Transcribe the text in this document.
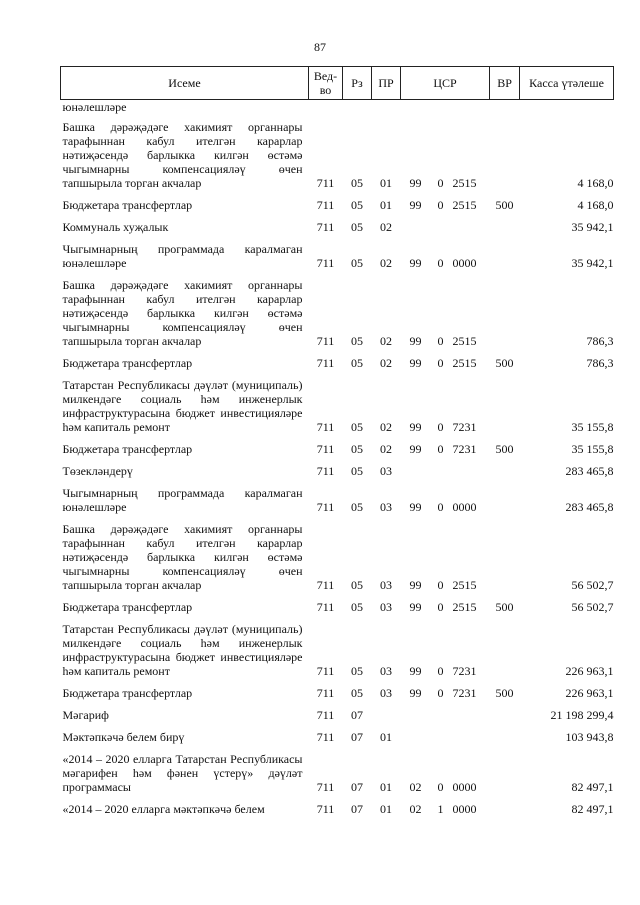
87
Исеме	Вед-во	Рз	ПР	ЦСР			ВР	Касса үтәлеше
юнәлешләре								
Башка дәрәҗәдәге хакимият органнары тарафыннан кабул ителгән карарлар нәтиҗәсендә барлыкка килгән өстәмә чыгымнарны компенсацияләү өчен тапшырыла торган акчалар	711	05	01	99	0	2515		4 168,0
Бюджетара трансфертлар	711	05	01	99	0	2515	500	4 168,0
Коммуналь хуҗалык	711	05	02					35 942,1
Чыгымнарның программада каралмаган юнәлешләре	711	05	02	99	0	0000		35 942,1
Башка дәрәҗәдәге хакимият органнары тарафыннан кабул ителгән карарлар нәтиҗәсендә барлыкка килгән өстәмә чыгымнарны компенсацияләү өчен тапшырыла торган акчалар	711	05	02	99	0	2515		786,3
Бюджетара трансфертлар	711	05	02	99	0	2515	500	786,3
Татарстан Республикасы дәүләт (муниципаль) милкендәге социаль һәм инженерлык инфраструктурасына бюджет инвестицияләре һәм капиталь ремонт	711	05	02	99	0	7231		35 155,8
Бюджетара трансфертлар	711	05	02	99	0	7231	500	35 155,8
Төзекләндерү	711	05	03					283 465,8
Чыгымнарның программада каралмаган юнәлешләре	711	05	03	99	0	0000		283 465,8
Башка дәрәҗәдәге хакимият органнары тарафыннан кабул ителгән карарлар нәтиҗәсендә барлыкка килгән өстәмә чыгымнарны компенсацияләү өчен тапшырыла торган акчалар	711	05	03	99	0	2515		56 502,7
Бюджетара трансфертлар	711	05	03	99	0	2515	500	56 502,7
Татарстан Республикасы дәүләт (муниципаль) милкендәге социаль һәм инженерлык инфраструктурасына бюджет инвестицияләре һәм капиталь ремонт	711	05	03	99	0	7231		226 963,1
Бюджетара трансфертлар	711	05	03	99	0	7231	500	226 963,1
Мәгариф	711	07						21 198 299,4
Мәктәпкәчә белем бирү	711	07	01					103 943,8
«2014 – 2020 елларга Татарстан Республикасы мәгарифен һәм фәнен үстерү» дәүләт программасы	711	07	01	02	0	0000		82 497,1
«2014 – 2020 елларга мәктәпкәчә белем	711	07	01	02	1	0000		82 497,1
